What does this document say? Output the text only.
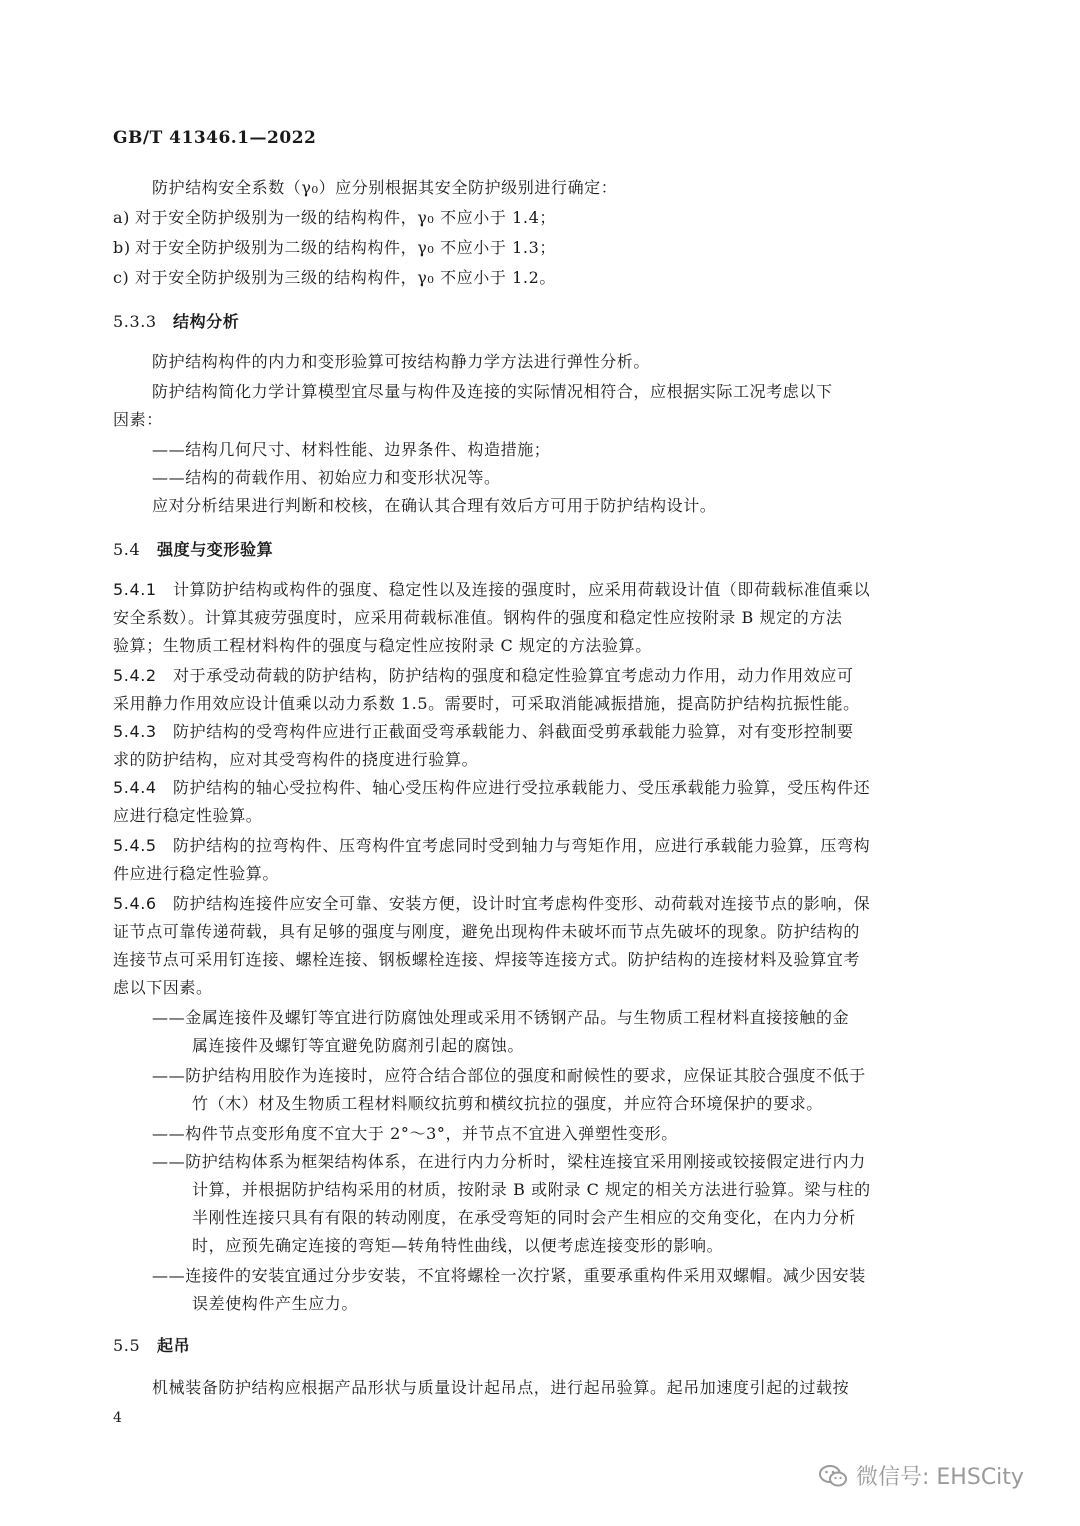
GB/T 41346.1—2022
防护结构安全系数（γ₀）应分别根据其安全防护级别进行确定：
a) 对于安全防护级别为一级的结构构件，γ₀ 不应小于 1.4；
b) 对于安全防护级别为二级的结构构件，γ₀ 不应小于 1.3；
c) 对于安全防护级别为三级的结构构件，γ₀ 不应小于 1.2。
5.3.3 结构分析
防护结构构件的内力和变形验算可按结构静力学方法进行弹性分析。
防护结构简化力学计算模型宜尽量与构件及连接的实际情况相符合，应根据实际工况考虑以下
因素：
——结构几何尺寸、材料性能、边界条件、构造措施；
——结构的荷载作用、初始应力和变形状况等。
应对分析结果进行判断和校核，在确认其合理有效后方可用于防护结构设计。
5.4 强度与变形验算
5.4.1 计算防护结构或构件的强度、稳定性以及连接的强度时，应采用荷载设计值（即荷载标准值乘以
安全系数）。计算其疲劳强度时，应采用荷载标准值。钢构件的强度和稳定性应按附录 B 规定的方法
验算；生物质工程材料构件的强度与稳定性应按附录 C 规定的方法验算。
5.4.2 对于承受动荷载的防护结构，防护结构的强度和稳定性验算宜考虑动力作用，动力作用效应可
采用静力作用效应设计值乘以动力系数 1.5。需要时，可采取消能减振措施，提高防护结构抗振性能。
5.4.3 防护结构的受弯构件应进行正截面受弯承载能力、斜截面受剪承载能力验算，对有变形控制要
求的防护结构，应对其受弯构件的挠度进行验算。
5.4.4 防护结构的轴心受拉构件、轴心受压构件应进行受拉承载能力、受压承载能力验算，受压构件还
应进行稳定性验算。
5.4.5 防护结构的拉弯构件、压弯构件宜考虑同时受到轴力与弯矩作用，应进行承载能力验算，压弯构
件应进行稳定性验算。
5.4.6 防护结构连接件应安全可靠、安装方便，设计时宜考虑构件变形、动荷载对连接节点的影响，保
证节点可靠传递荷载，具有足够的强度与刚度，避免出现构件未破坏而节点先破坏的现象。防护结构的
连接节点可采用钉连接、螺栓连接、钢板螺栓连接、焊接等连接方式。防护结构的连接材料及验算宜考
虑以下因素。
——金属连接件及螺钉等宜进行防腐蚀处理或采用不锈钢产品。与生物质工程材料直接接触的金
属连接件及螺钉等宜避免防腐剂引起的腐蚀。
——防护结构用胶作为连接时，应符合结合部位的强度和耐候性的要求，应保证其胶合强度不低于
竹（木）材及生物质工程材料顺纹抗剪和横纹抗拉的强度，并应符合环境保护的要求。
——构件节点变形角度不宜大于 2°～3°，并节点不宜进入弹塑性变形。
——防护结构体系为框架结构体系，在进行内力分析时，梁柱连接宜采用刚接或铰接假定进行内力
计算，并根据防护结构采用的材质，按附录 B 或附录 C 规定的相关方法进行验算。梁与柱的
半刚性连接只具有有限的转动刚度，在承受弯矩的同时会产生相应的交角变化，在内力分析
时，应预先确定连接的弯矩—转角特性曲线，以便考虑连接变形的影响。
——连接件的安装宜通过分步安装，不宜将螺栓一次拧紧，重要承重构件采用双螺帽。减少因安装
误差使构件产生应力。
5.5 起吊
机械装备防护结构应根据产品形状与质量设计起吊点，进行起吊验算。起吊加速度引起的过载按
4
微信号: EHSCity
